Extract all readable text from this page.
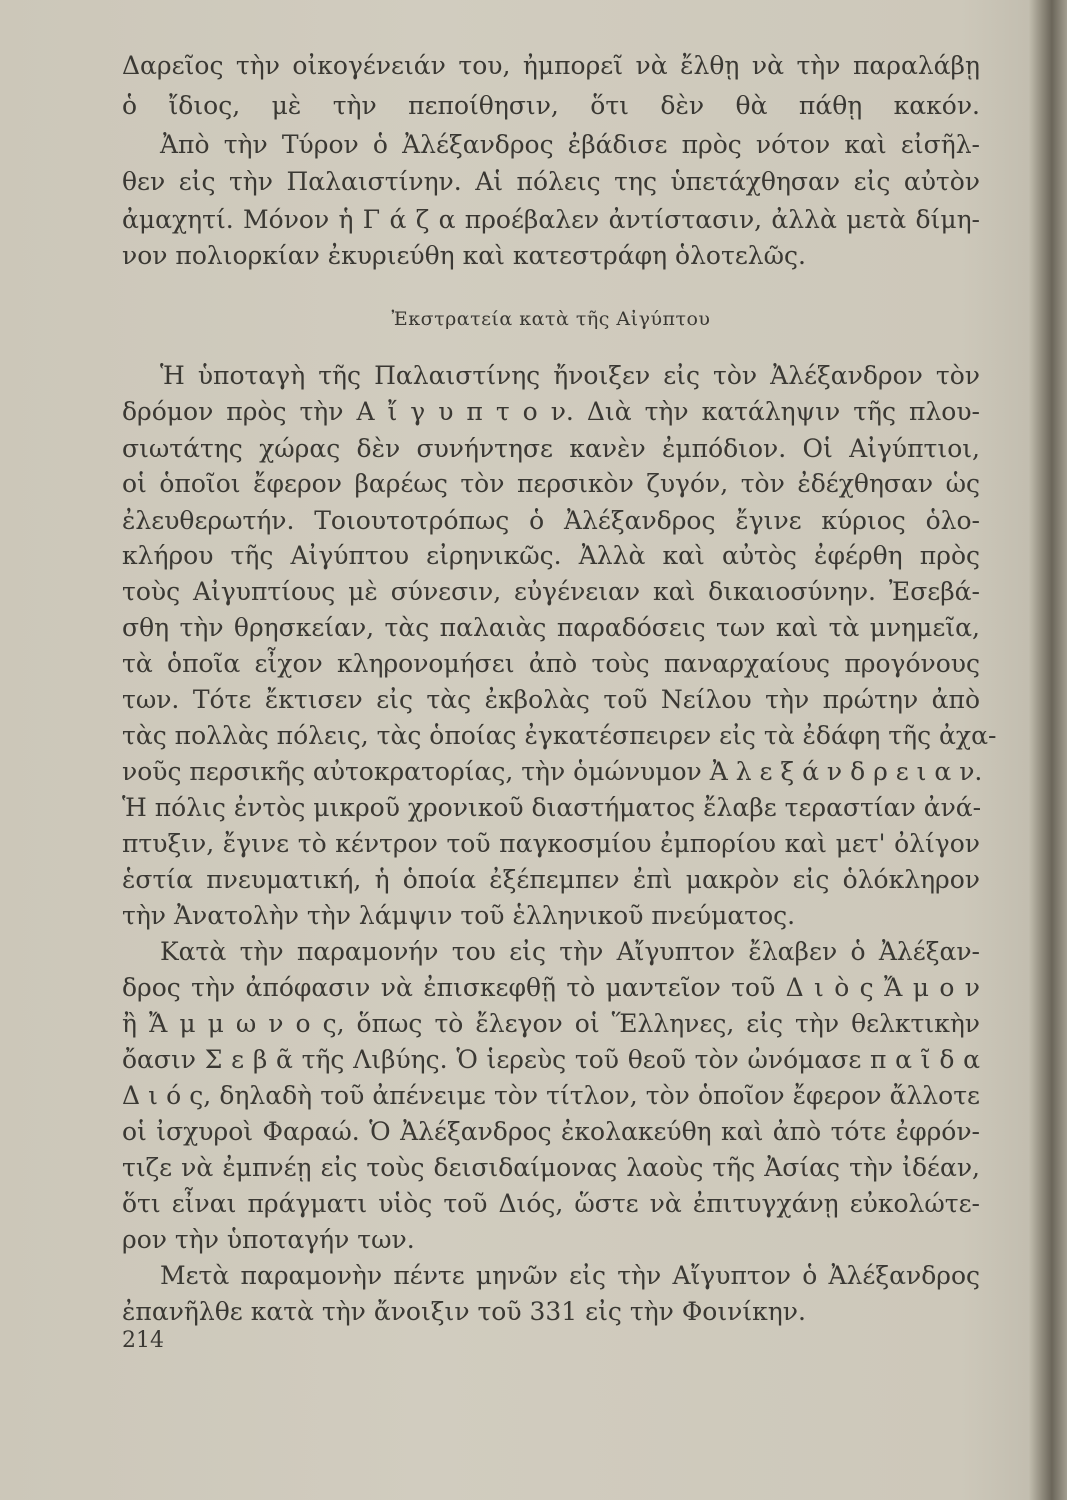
Δαρεῖος τὴν οἰκογένειάν του, ἠμπορεῖ νὰ ἔλθῃ νὰ τὴν παραλάβῃ

ὁ ἴδιος, μὲ τὴν πεποίθησιν, ὅτι δὲν θὰ πάθῃ κακόν.

Ἀπὸ τὴν Τύρον ὁ Ἀλέξανδρος ἐβάδισε πρὸς νότον καὶ εἰσῆλ-

θεν εἰς τὴν Παλαιστίνην. Αἱ πόλεις της ὑπετάχθησαν εἰς αὐτὸν

ἀμαχητί. Μόνον ἡ Γ ά ζ α προέβαλεν ἀντίστασιν, ἀλλὰ μετὰ δίμη-

νον πολιορκίαν ἐκυριεύθη καὶ κατεστράφη ὁλοτελῶς.

Ἐκστρατεία κατὰ τῆς Αἰγύπτου

Ἡ ὑποταγὴ τῆς Παλαιστίνης ἤνοιξεν εἰς τὸν Ἀλέξανδρον τὸν

δρόμον πρὸς τὴν Α ἴ γ υ π τ ο ν. Διὰ τὴν κατάληψιν τῆς πλου-

σιωτάτης χώρας δὲν συνήντησε κανὲν ἐμπόδιον. Οἱ Αἰγύπτιοι,

οἱ ὁποῖοι ἔφερον βαρέως τὸν περσικὸν ζυγόν, τὸν ἐδέχθησαν ὡς

ἐλευθερωτήν. Τοιουτοτρόπως ὁ Ἀλέξανδρος ἔγινε κύριος ὁλο-

κλήρου τῆς Αἰγύπτου εἰρηνικῶς. Ἀλλὰ καὶ αὐτὸς ἐφέρθη πρὸς

τοὺς Αἰγυπτίους μὲ σύνεσιν, εὐγένειαν καὶ δικαιοσύνην. Ἐσεβά-

σθη τὴν θρησκείαν, τὰς παλαιὰς παραδόσεις των καὶ τὰ μνημεῖα,

τὰ ὁποῖα εἶχον κληρονομήσει ἀπὸ τοὺς παναρχαίους προγόνους

των. Τότε ἔκτισεν εἰς τὰς ἐκβολὰς τοῦ Νείλου τὴν πρώτην ἀπὸ

τὰς πολλὰς πόλεις, τὰς ὁποίας ἐγκατέσπειρεν εἰς τὰ ἐδάφη τῆς ἀχα-

νοῦς περσικῆς αὐτοκρατορίας, τὴν ὁμώνυμον Ἀ λ ε ξ ά ν δ ρ ε ι α ν.

Ἡ πόλις ἐντὸς μικροῦ χρονικοῦ διαστήματος ἔλαβε τεραστίαν ἀνά-

πτυξιν, ἔγινε τὸ κέντρον τοῦ παγκοσμίου ἐμπορίου καὶ μετ' ὀλίγον

ἑστία πνευματική, ἡ ὁποία ἐξέπεμπεν ἐπὶ μακρὸν εἰς ὁλόκληρον

τὴν Ἀνατολὴν τὴν λάμψιν τοῦ ἑλληνικοῦ πνεύματος.

Κατὰ τὴν παραμονήν του εἰς τὴν Αἴγυπτον ἔλαβεν ὁ Ἀλέξαν-

δρος τὴν ἀπόφασιν νὰ ἐπισκεφθῇ τὸ μαντεῖον τοῦ Δ ι ὸ ς Ἄ μ ο ν

ἢ Ἄ μ μ ω ν ο ς, ὅπως τὸ ἔλεγον οἱ Ἕλληνες, εἰς τὴν θελκτικὴν

ὄασιν Σ ε β ᾶ τῆς Λιβύης. Ὁ ἱερεὺς τοῦ θεοῦ τὸν ὠνόμασε π α ῖ δ α

Δ ι ό ς, δηλαδὴ τοῦ ἀπένειμε τὸν τίτλον, τὸν ὁποῖον ἔφερον ἄλλοτε

οἱ ἰσχυροὶ Φαραώ. Ὁ Ἀλέξανδρος ἐκολακεύθη καὶ ἀπὸ τότε ἐφρόν-

τιζε νὰ ἐμπνέῃ εἰς τοὺς δεισιδαίμονας λαοὺς τῆς Ἀσίας τὴν ἰδέαν,

ὅτι εἶναι πράγματι υἱὸς τοῦ Διός, ὥστε νὰ ἐπιτυγχάνῃ εὐκολώτε-

ρον τὴν ὑποταγήν των.

Μετὰ παραμονὴν πέντε μηνῶν εἰς τὴν Αἴγυπτον ὁ Ἀλέξανδρος

ἐπανῆλθε κατὰ τὴν ἄνοιξιν τοῦ 331 εἰς τὴν Φοινίκην.

214
